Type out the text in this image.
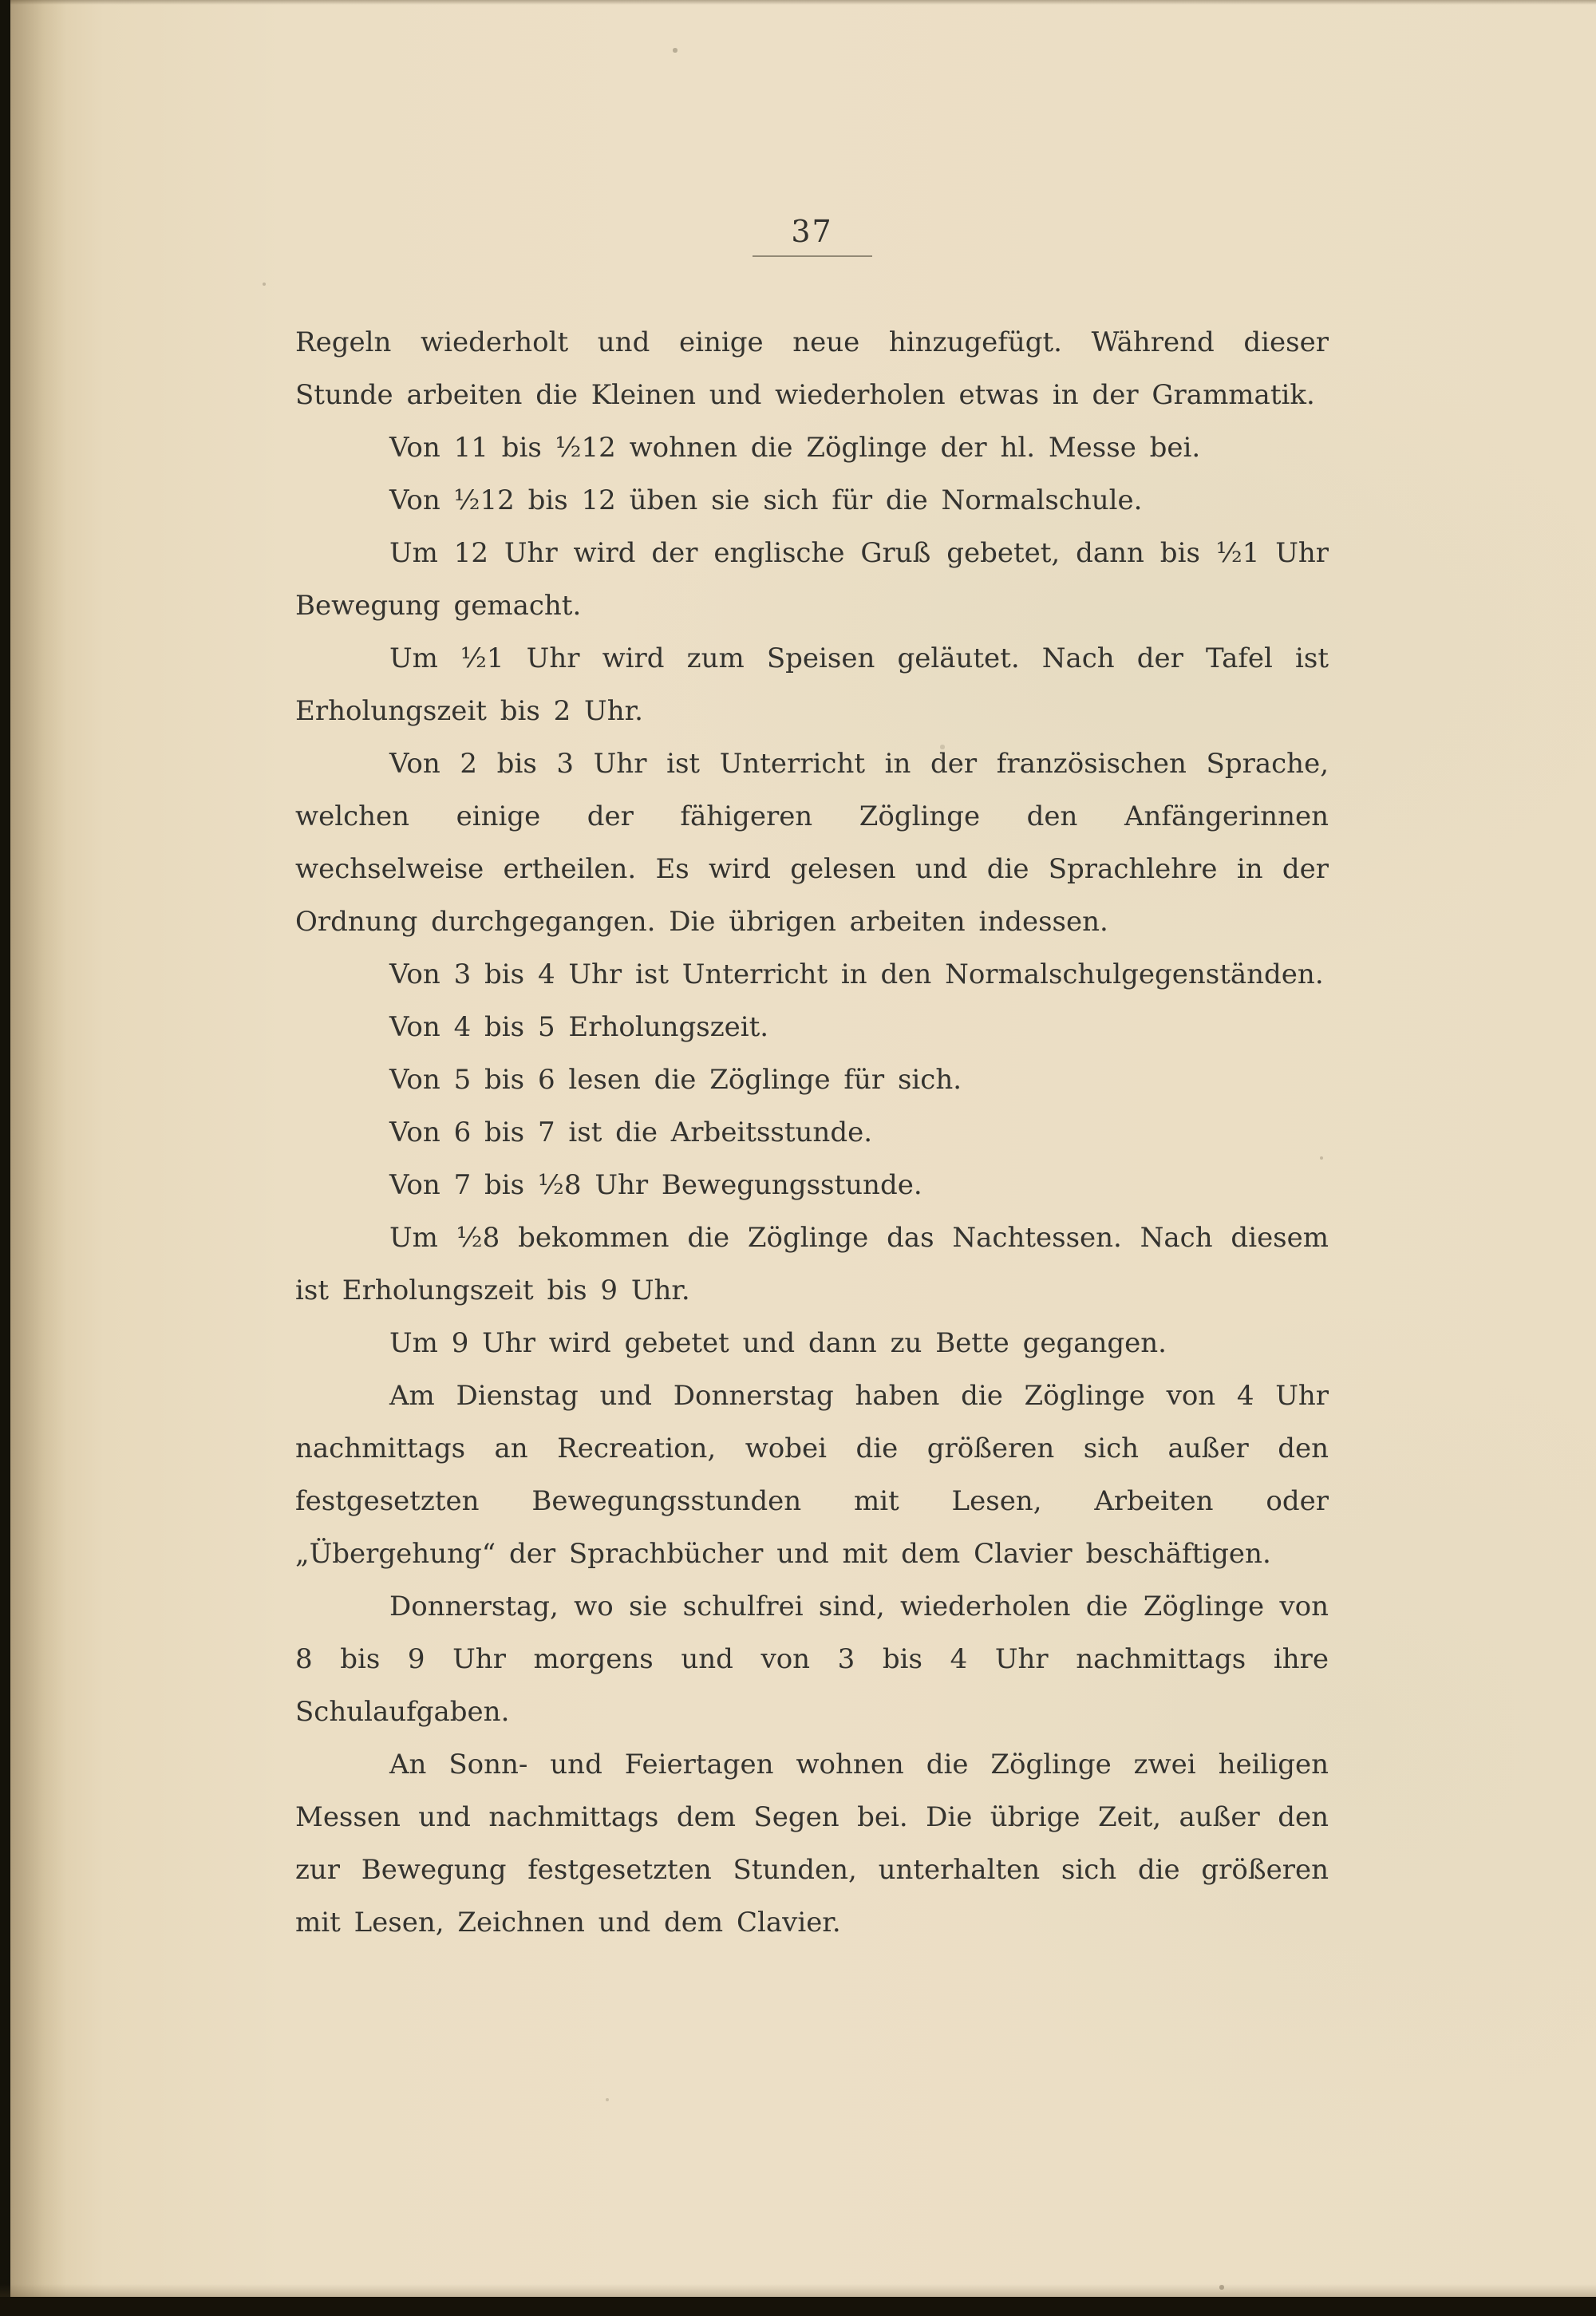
37

Regeln wiederholt und einige neue hinzugefügt. Während dieser Stunde arbeiten die Kleinen und wiederholen etwas in der Grammatik.

Von 11 bis ¹⁄₂12 wohnen die Zöglinge der hl. Messe bei.

Von ¹⁄₂12 bis 12 üben sie sich für die Normalschule.

Um 12 Uhr wird der englische Gruß gebetet, dann bis ¹⁄₂1 Uhr Bewegung gemacht.

Um ¹⁄₂1 Uhr wird zum Speisen geläutet. Nach der Tafel ist Erholungszeit bis 2 Uhr.

Von 2 bis 3 Uhr ist Unterricht in der französischen Sprache, welchen einige der fähigeren Zöglinge den Anfängerinnen wechselweise ertheilen. Es wird gelesen und die Sprachlehre in der Ordnung durchgegangen. Die übrigen arbeiten indessen.

Von 3 bis 4 Uhr ist Unterricht in den Normalschulgegenständen.

Von 4 bis 5 Erholungszeit.

Von 5 bis 6 lesen die Zöglinge für sich.

Von 6 bis 7 ist die Arbeitsstunde.

Von 7 bis ¹⁄₂8 Uhr Bewegungsstunde.

Um ¹⁄₂8 bekommen die Zöglinge das Nachtessen. Nach diesem ist Erholungszeit bis 9 Uhr.

Um 9 Uhr wird gebetet und dann zu Bette gegangen.

Am Dienstag und Donnerstag haben die Zöglinge von 4 Uhr nachmittags an Recreation, wobei die größeren sich außer den festgesetzten Bewegungsstunden mit Lesen, Arbeiten oder „Übergehung“ der Sprachbücher und mit dem Clavier beschäftigen.

Donnerstag, wo sie schulfrei sind, wiederholen die Zöglinge von 8 bis 9 Uhr morgens und von 3 bis 4 Uhr nachmittags ihre Schulaufgaben.

An Sonn- und Feiertagen wohnen die Zöglinge zwei heiligen Messen und nachmittags dem Segen bei. Die übrige Zeit, außer den zur Bewegung festgesetzten Stunden, unterhalten sich die größeren mit Lesen, Zeichnen und dem Clavier.
